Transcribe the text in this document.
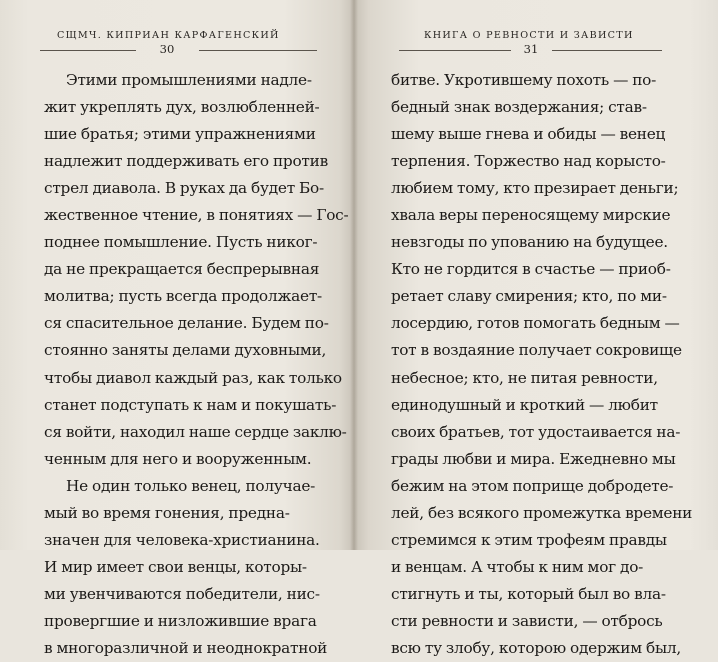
СЩМЧ. КИПРИАН КАРФАГЕНСКИЙ
30
Этими промышлениями надле-
жит укреплять дух, возлюбленней-
шие братья; этими упражнениями
надлежит поддерживать его против
стрел диавола. В руках да будет Бо-
жественное чтение, в понятиях — Гос-
поднее помышление. Пусть никог-
да не прекращается беспрерывная
молитва; пусть всегда продолжает-
ся спасительное делание. Будем по-
стоянно заняты делами духовными,
чтобы диавол каждый раз, как только
станет подступать к нам и покушать-
ся войти, находил наше сердце заклю-
ченным для него и вооруженным.
Не один только венец, получае-
мый во время гонения, предна-
значен для человека-христианина.
И мир имеет свои венцы, которы-
ми увенчиваются победители, нис-
провергшие и низложившие врага
в многоразличной и неоднократной
КНИГА О РЕВНОСТИ И ЗАВИСТИ
31
битве. Укротившему похоть — по-
бедный знак воздержания; став-
шему выше гнева и обиды — венец
терпения. Торжество над корысто-
любием тому, кто презирает деньги;
хвала веры переносящему мирские
невзгоды по упованию на будущее.
Кто не гордится в счастье — приоб-
ретает славу смирения; кто, по ми-
лосердию, готов помогать бедным —
тот в воздаяние получает сокровище
небесное; кто, не питая ревности,
единодушный и кроткий — любит
своих братьев, тот удостаивается на-
грады любви и мира. Ежедневно мы
бежим на этом поприще добродете-
лей, без всякого промежутка времени
стремимся к этим трофеям правды
и венцам. А чтобы к ним мог до-
стигнуть и ты, который был во вла-
сти ревности и зависти, — отбрось
всю ту злобу, которою одержим был,
